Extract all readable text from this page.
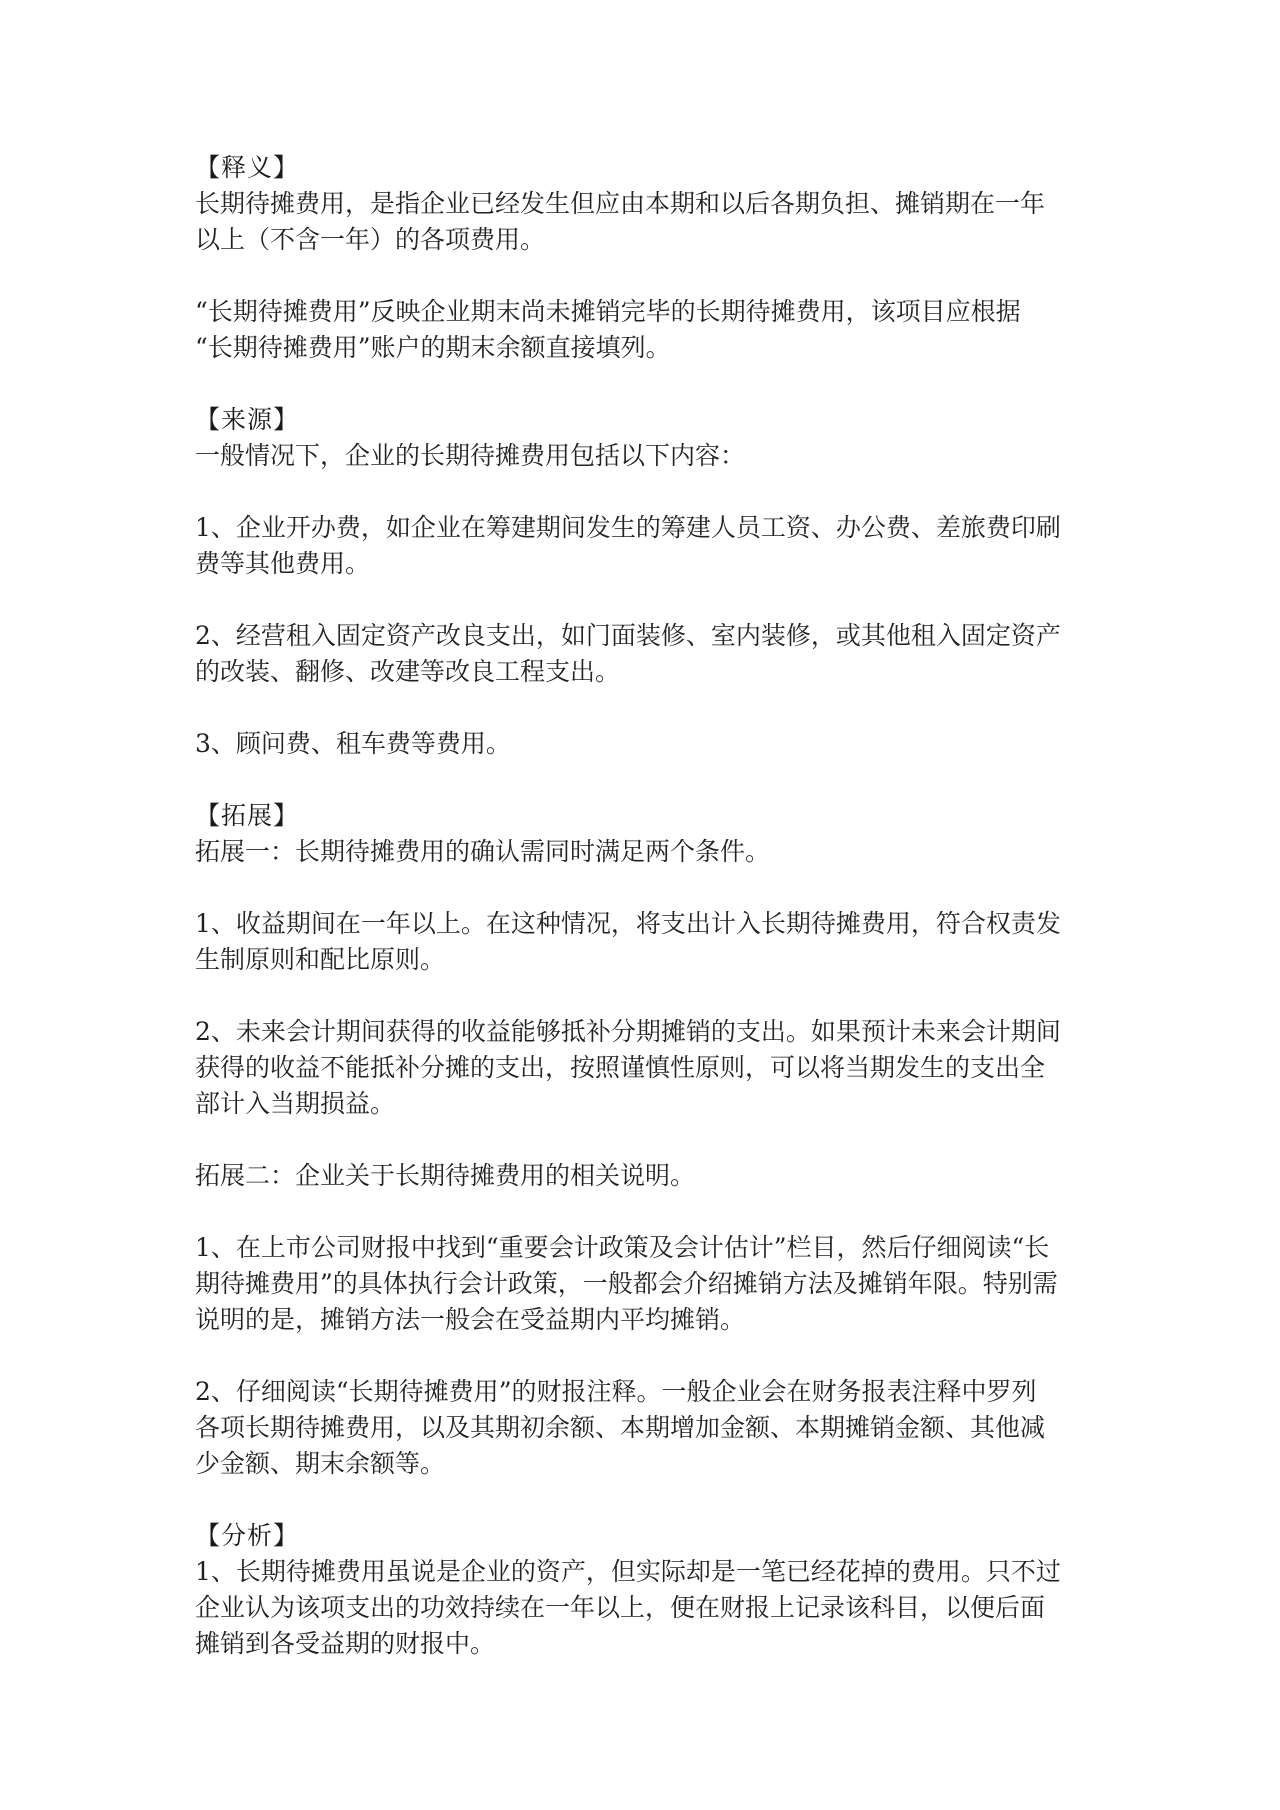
【释义】

长期待摊费用，是指企业已经发生但应由本期和以后各期负担、摊销期在一年
以上（不含一年）的各项费用。

“长期待摊费用”反映企业期末尚未摊销完毕的长期待摊费用，该项目应根据
“长期待摊费用”账户的期末余额直接填列。

【来源】

一般情况下，企业的长期待摊费用包括以下内容：

1、企业开办费，如企业在筹建期间发生的筹建人员工资、办公费、差旅费印刷
费等其他费用。

2、经营租入固定资产改良支出，如门面装修、室内装修，或其他租入固定资产
的改装、翻修、改建等改良工程支出。

3、顾问费、租车费等费用。

【拓展】

拓展一：长期待摊费用的确认需同时满足两个条件。

1、收益期间在一年以上。在这种情况，将支出计入长期待摊费用，符合权责发
生制原则和配比原则。

2、未来会计期间获得的收益能够抵补分期摊销的支出。如果预计未来会计期间
获得的收益不能抵补分摊的支出，按照谨慎性原则，可以将当期发生的支出全
部计入当期损益。

拓展二：企业关于长期待摊费用的相关说明。

1、在上市公司财报中找到“重要会计政策及会计估计”栏目，然后仔细阅读“长
期待摊费用”的具体执行会计政策，一般都会介绍摊销方法及摊销年限。特别需
说明的是，摊销方法一般会在受益期内平均摊销。

2、仔细阅读“长期待摊费用”的财报注释。一般企业会在财务报表注释中罗列
各项长期待摊费用，以及其期初余额、本期增加金额、本期摊销金额、其他减
少金额、期末余额等。

【分析】

1、长期待摊费用虽说是企业的资产，但实际却是一笔已经花掉的费用。只不过
企业认为该项支出的功效持续在一年以上，便在财报上记录该科目，以便后面
摊销到各受益期的财报中。
